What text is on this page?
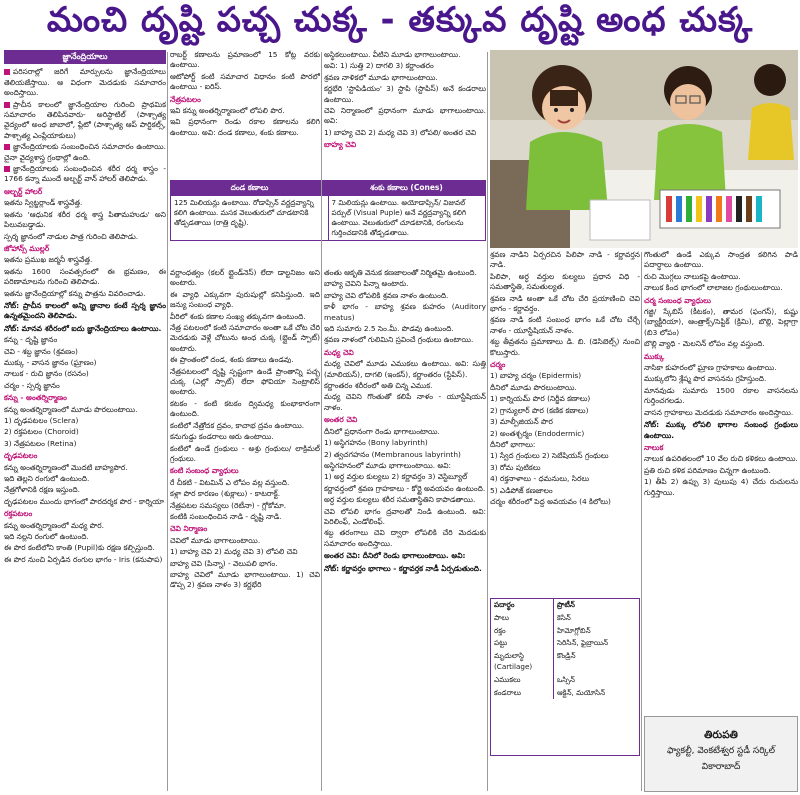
మంచి దృష్టి పచ్చ చుక్క - తక్కువ దృష్టి అంధ చుక్క
జ్ఞానేంద్రియాలు

పరిసరాల్లో జరిగే మార్పులను జ్ఞానేంద్రియాలు తెలియజేస్తాయి. ఆ విధంగా మెదడుకు సమాచారం అందిస్తాయి.

ప్రాచీన కాలంలో జ్ఞానేంద్రియాల గురించి ప్రాథమిక సమాచారం తెలిపినవారు- అరిస్టాటిల్ (పాశ్చాత్య వైద్యంలో అంధ జాబాలో, ప్లేటో (పాశ్చాత్య ఆప్ పార్టికల్స్, పాశ్చాత్య ఎంప్లేయాకులు)

జ్ఞానేంద్రియాలకు సంబంధించిన సమాచారం ఉంటాయి. చైనా వైద్యశాస్త్ర గ్రంథాల్లో ఉంది.

జ్ఞానేంద్రియాలకు సంబంధించిన శరీర ధర్మ శాస్త్రం - 1766 కన్నా ముందే అల్బర్ట్ వాన్ హాలర్ తెలిపాడు.

ఆల్బర్ట్ హాలర్

ఇతను స్విట్జర్లాండ్ శాస్త్రవేత్త.

ఇతను 'ఆధునిక శరీర ధర్మ శాస్త్ర పితామహుడు' అని పిలువబడ్డాడు.

స్పర్శ జ్ఞానంలో నాడుల పాత్ర గురించి తెలిపాడు.

జోహాన్స్ ముల్లర్

ఇతను ప్రముఖ జర్మనీ శాస్త్రవేత్త.

ఇతను 1600 సంవత్సరంలో ఈ భ్రమణం, ఈ పరిణామాలను గురించి తెలిపాడు.

ఇతను జ్ఞానేంద్రియాల్లో కన్ను పాత్రను వివరించాడు.

నోట్: ప్రాచీన కాలంలో అన్ని జ్ఞానాల కంటే స్పర్శ జ్ఞానం ఉన్నతమైందని తెలిపాడు.

నోట్: మానవ శరీరంలో ఐదు జ్ఞానేంద్రియాలు ఉంటాయి.

కన్ను - దృష్టి జ్ఞానం

చెవి - శబ్ద జ్ఞానం (శ్రవణం)

ముక్కు - వాసన జ్ఞానం (ఘ్రాణం)

నాలుక - రుచి జ్ఞానం (రసనం)

చర్మం - స్పర్శ జ్ఞానం

కన్ను - అంతర్నిర్మాణం

కన్ను అంతర్నిర్మాణంలో మూడు పొరలుంటాయి.

1) దృఢపటలం (Sclera)

2) రక్తపటలం (Choroid)

3) నేత్రపటలం (Retina)

దృఢపటలం

కన్ను అంతర్నిర్మాణంలో మొదటి బాహ్యపొర.

ఇది తెల్లని రంగులో ఉంటుంది.

నేత్రగోళానికి రక్షణ ఇస్తుంది.

దృఢపటలం ముందు భాగంలో పారదర్శక పొర - కార్నియా

రక్తపటలం

కన్ను అంతర్నిర్మాణంలో మధ్య పొర.

ఇది నల్లని రంగులో ఉంటుంది.

ఈ పొర కంటిలోని కాంతి (Pupil)కు రక్షణ కల్పిస్తుంది.

ఈ పొర నుంచి ఏర్పడిన రంగుల భాగం - Iris (కనుపాప)

రాబర్ట్ కణాలను ప్రమాణంలో 15 కోట్ల వరకు ఉంటాయి.

ఆటోపోర్ట్ కంటి సమాచార విధానం కంటి పొరలో ఉంటాయి - ఐరిస్.

నేత్రపటలం

ఇవి కన్ను అంతర్నిర్మాణంలో లోపలి పొర.

ఇవి ప్రధానంగా రెండు రకాల కణాలను కలిగి ఉంటాయి. అవి: దండ కణాలు, శంకు కణాలు.

దండ కణాలు	శంకు కణాలు (Cones)
125 మిలియన్లు ఉంటాయి. రోడాప్సిన్ వర్ణద్రవ్యాన్ని కలిగి ఉంటాయి. మసక వెలుతురులో చూడటానికి తోడ్పడతాయి (రాత్రి దృష్టి).
7 మిలియన్లు ఉంటాయి. అయోడాప్సిన్/ విజువల్ పర్పుల్ (Visual Puple) అనే వర్ణద్రవ్యాన్ని కలిగి ఉంటాయి. వెలుతురులో చూడటానికి, రంగులను గుర్తించడానికి తోడ్పడతాయి.

వర్ణాంధత్వం (కలర్ బ్లైండ్‌నెస్) లేదా డాల్టనిజం అని అంటారు.

ఈ వ్యాధి ఎక్కువగా పురుషుల్లో కనిపిస్తుంది. ఇది జన్యు సంబంధ వ్యాధి.

వీరిలో శంకు కణాల సంఖ్య తక్కువగా ఉంటుంది.

నేత్ర పటలంలో కంటి సమాచారం అంతా ఒకే చోట చేరి మెదడుకు వెళ్లే చోటును అంధ చుక్క (బ్లైండ్ స్పాట్) అంటారు.

ఈ ప్రాంతంలో దండ, శంకు కణాలు ఉండవు.

నేత్రపటలంలో దృష్టి స్పష్టంగా ఉండే ప్రాంతాన్ని పచ్చ చుక్క (ఎల్లో స్పాట్) లేదా ఫోవియా సెంట్రాలిస్ అంటారు.

కటకం - కంటి కటకం ద్విమధ్య కుంభాకారంగా ఉంటుంది.

కంటిలో నేత్రోదక ద్రవం, కాచాభ ద్రవం ఉంటాయి.

కనుగుడ్డు కండరాలు ఆరు ఉంటాయి.

కంటిలో ఉండే గ్రంథులు - అశ్రు గ్రంథులు/ లాక్రిమల్ గ్రంథులు.

కంటి సంబంధ వ్యాధులు

రే చీకటి - విటమిన్ ఎ లోపం వల్ల వస్తుంది.

కళ్లా పొర కారణం (శుక్లాలు) - కాటరాక్ట్.

నేత్రపటల సమస్యలు (రెటీనా) - గ్లోకోమా.

కంటికి సంబంధించిన నాడి - దృష్టి నాడి.

చెవి నిర్మాణం

చెవిలో మూడు భాగాలుంటాయి.

1) బాహ్య చెవి 2) మధ్య చెవి 3) లోపలి చెవి

బాహ్య చెవి (పిన్నా) - వెలుపలి భాగం.

బాహ్య చెవిలో మూడు భాగాలుంటాయి. 1) చెవి డొప్ప 2) శ్రవణ నాళం 3) కర్ణభేరి

అస్థికలుంటాయి. వీటిని మూడు భాగాలుంటాయి.

అవి: 1) సుత్తి 2) దాగలి 3) కర్ణాంతరం

శ్రవణ నాళికలో మూడు భాగాలుంటాయి.

కర్ణభేరి 'స్టాపిడియం' 3) స్టాపి (స్టాపిస్) అనే కండరాలు ఉంటాయి.

చెవి నిర్మాణంలో ప్రధానంగా మూడు భాగాలుంటాయి. అవి:

1) బాహ్య చెవి 2) మధ్య చెవి 3) లోపలి/ అంతర చెవి

బాహ్య చెవి

తంతు ఆకృతి వెనుక కణజాలంతో నిర్మితమై ఉంటుంది.

బాహ్య చెవిని పిన్నా అంటారు.

బాహ్య చెవి లోపలికి శ్రవణ నాళం ఉంటుంది.

కాళీ భాగం - బాహ్య శ్రవణ కుహరం (Auditory meatus)

ఇది సుమారు 2.5 సెం.మీ. పొడవు ఉంటుంది.

శ్రవణ నాళంలో గులిమిని స్రవించే గ్రంథులు ఉంటాయి.

మధ్య చెవి

మధ్య చెవిలో మూడు ఎముకలు ఉంటాయి. అవి: సుత్తి (మాలియస్), దాగలి (ఇంకస్), కర్ణాంతరం (స్టేపిస్).

కర్ణాంతరం శరీరంలో అతి చిన్న ఎముక.

మధ్య చెవిని గొంతుతో కలిపే నాళం - యూస్టేషియన్ నాళం.

అంతర చెవి

దీనిలో ప్రధానంగా రెండు భాగాలుంటాయి.

1) అస్థిగహనం (Bony labyrinth)

2) త్వచగహనం (Membranous labyrinth)

అస్థిగహనంలో మూడు భాగాలుంటాయి. అవి:

1) అర్ధ వర్తుల కుల్యలు 2) కర్ణావర్తం 3) వెస్టిబ్యూల్

కర్ణావర్తంలో శ్రవణ గ్రాహకాలు - కోర్టై అవయవం ఉంటుంది.

అర్ధ వర్తుల కుల్యలు శరీర సమతాస్థితిని కాపాడతాయి.

చెవి లోపలి భాగం ద్రవాలతో నిండి ఉంటుంది. అవి: పెరిలింఫ్, ఎండోలింఫ్.

శబ్ద తరంగాలు చెవి ద్వారా లోపలికి చేరి మెదడుకు సమాచారం అందిస్తాయి.

అంతర చెవి: దీనిలో రెండు భాగాలుంటాయి. అవి:

నోట్: కర్ణావర్తం భాగాలు - కర్ణావర్తక నాడీ ఏర్పడుతుంది.

శ్రవణ నాడిని ఏర్పరచిన పిలిపా నాడి - కర్ణావర్తన నాడి.

పిలిపా, అర్ధ వర్తుల కుల్యలు ప్రధాన విధి - సమతాస్థితి, సమతుల్యత.

శ్రవణ నాడి అంతా ఒకే చోట చేరి ప్రయాణించి చెవి భాగం - కర్ణావర్తం.

శ్రవణ నాడి కంటి సంబంధ భాగం ఒకే చోట చేర్చే నాళం - యూస్టేషియన్ నాళం.

శబ్ద తీవ్రతను ప్రమాణాలు డి. బి. (డెసిబెల్స్) నుంచి కొలుస్తారు.

చర్మం

1) బాహ్య చర్మం (Epidermis)

దీనిలో మూడు పొరలుంటాయి.

1) కార్నియమ్ పొర (నిర్జీవ కణాలు)

2) గ్రాన్యులార్ పొర (కణిక కణాలు)

3) మాల్పీజియన్ పొర

2) అంతశ్చర్మం (Endodermic)

దీనిలో భాగాలు:

1) స్వేద గ్రంథులు 2) సెబేషియస్ గ్రంథులు

3) రోమ పుటికలు

4) రక్తనాళాలు - ధమనులు, సిరలు

5) ఎడిపోజ్ కణజాలం

చర్మం శరీరంలో పెద్ద అవయవం (4 కిలోలు)

పదార్థం	ప్రొటీన్
పాలు	కెసిన్
రక్తం	హిమోగ్లోబిన్
పట్టు	సెరిసిన్, ఫైబ్రాయిన్
మృదులాస్థి (Cartilage)
కొండ్రిన్
ఎముకలు	ఒస్సిన్
కండరాలు	ఆక్టిన్, మయోసిన్

గొంతులో ఉండే ఎక్కువ సాంద్రత కలిగిన పాడి పదార్థాలు ఉంటాయి.

రుచి మొగ్గలు నాలుకపై ఉంటాయి.

నాలుక కింద భాగంలో లాలాజల గ్రంథులుంటాయి.

చర్మ సంబంధ వ్యాధులు

గజ్జి/ స్కేబిస్ (కీటకం), తామర (ఫంగస్), కుష్టు (బ్యాక్టీరియా), ఆంత్రాక్స్/సెప్టిక్ (క్రిమి), బొల్లి, పెల్లాగ్రా (బి3 లోపం)

బొల్లి వ్యాధి - మెలనిన్ లోపం వల్ల వస్తుంది.

ముక్కు

నాసికా కుహరంలో ఘ్రాణ గ్రాహకాలు ఉంటాయి.

ముక్కులోని శ్లేష్మ పొర వాసనను గ్రహిస్తుంది.

మానవుడు సుమారు 1500 రకాల వాసనలను గుర్తించగలడు.

వాసన గ్రాహకాలు మెదడుకు సమాచారం అందిస్తాయి.

నోట్: ముక్కు లోపలి భాగాల సంబంధ గ్రంథులు ఉంటాయి.

నాలుక

నాలుక ఉపరితలంలో 10 వేల రుచి కళికలు ఉంటాయి.

ప్రతి రుచి కళిక పరిమాణం చిన్నగా ఉంటుంది.

1) తీపి 2) ఉప్పు 3) పులుపు 4) చేదు రుచులను గుర్తిస్తాయి.

తిరుపతి
ఫ్యాకల్టీ, వెంకటేశ్వర స్టడీ సర్కిల్
వికారాబాద్
